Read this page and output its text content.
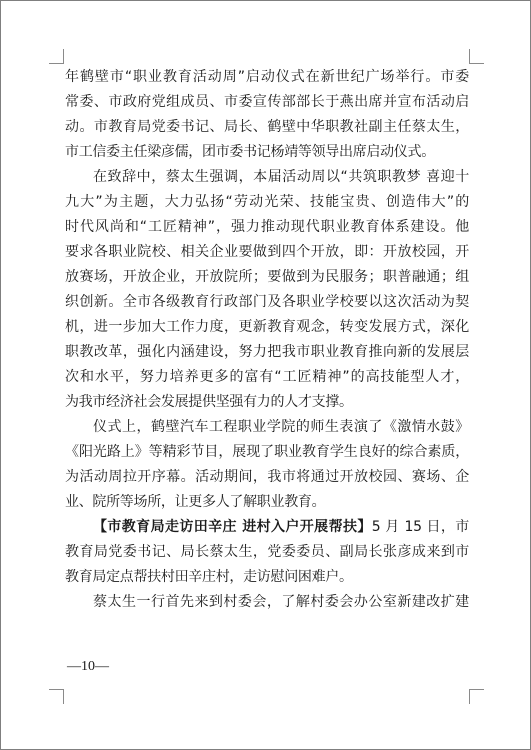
年鹤壁市“职业教育活动周”启动仪式在新世纪广场举行。市委
常委、市政府党组成员、市委宣传部部长于燕出席并宣布活动启
动。市教育局党委书记、局长、鹤壁中华职教社副主任蔡太生，
市工信委主任梁彦儒，团市委书记杨靖等领导出席启动仪式。
在致辞中，蔡太生强调，本届活动周以“共筑职教梦 喜迎十
九大”为主题，大力弘扬“劳动光荣、技能宝贵、创造伟大”的
时代风尚和“工匠精神”，强力推动现代职业教育体系建设。他
要求各职业院校、相关企业要做到四个开放，即：开放校园，开
放赛场，开放企业，开放院所；要做到为民服务；职普融通；组
织创新。全市各级教育行政部门及各职业学校要以这次活动为契
机，进一步加大工作力度，更新教育观念，转变发展方式，深化
职教改革，强化内涵建设，努力把我市职业教育推向新的发展层
次和水平，努力培养更多的富有“工匠精神”的高技能型人才，
为我市经济社会发展提供坚强有力的人才支撑。
仪式上，鹤壁汽车工程职业学院的师生表演了《激情水鼓》
《阳光路上》等精彩节目，展现了职业教育学生良好的综合素质，
为活动周拉开序幕。活动期间，我市将通过开放校园、赛场、企
业、院所等场所，让更多人了解职业教育。
【市教育局走访田辛庄 进村入户开展帮扶】5 月 15 日，市
教育局党委书记、局长蔡太生，党委委员、副局长张彦成来到市
教育局定点帮扶村田辛庄村，走访慰问困难户。
蔡太生一行首先来到村委会，了解村委会办公室新建改扩建
—10—
